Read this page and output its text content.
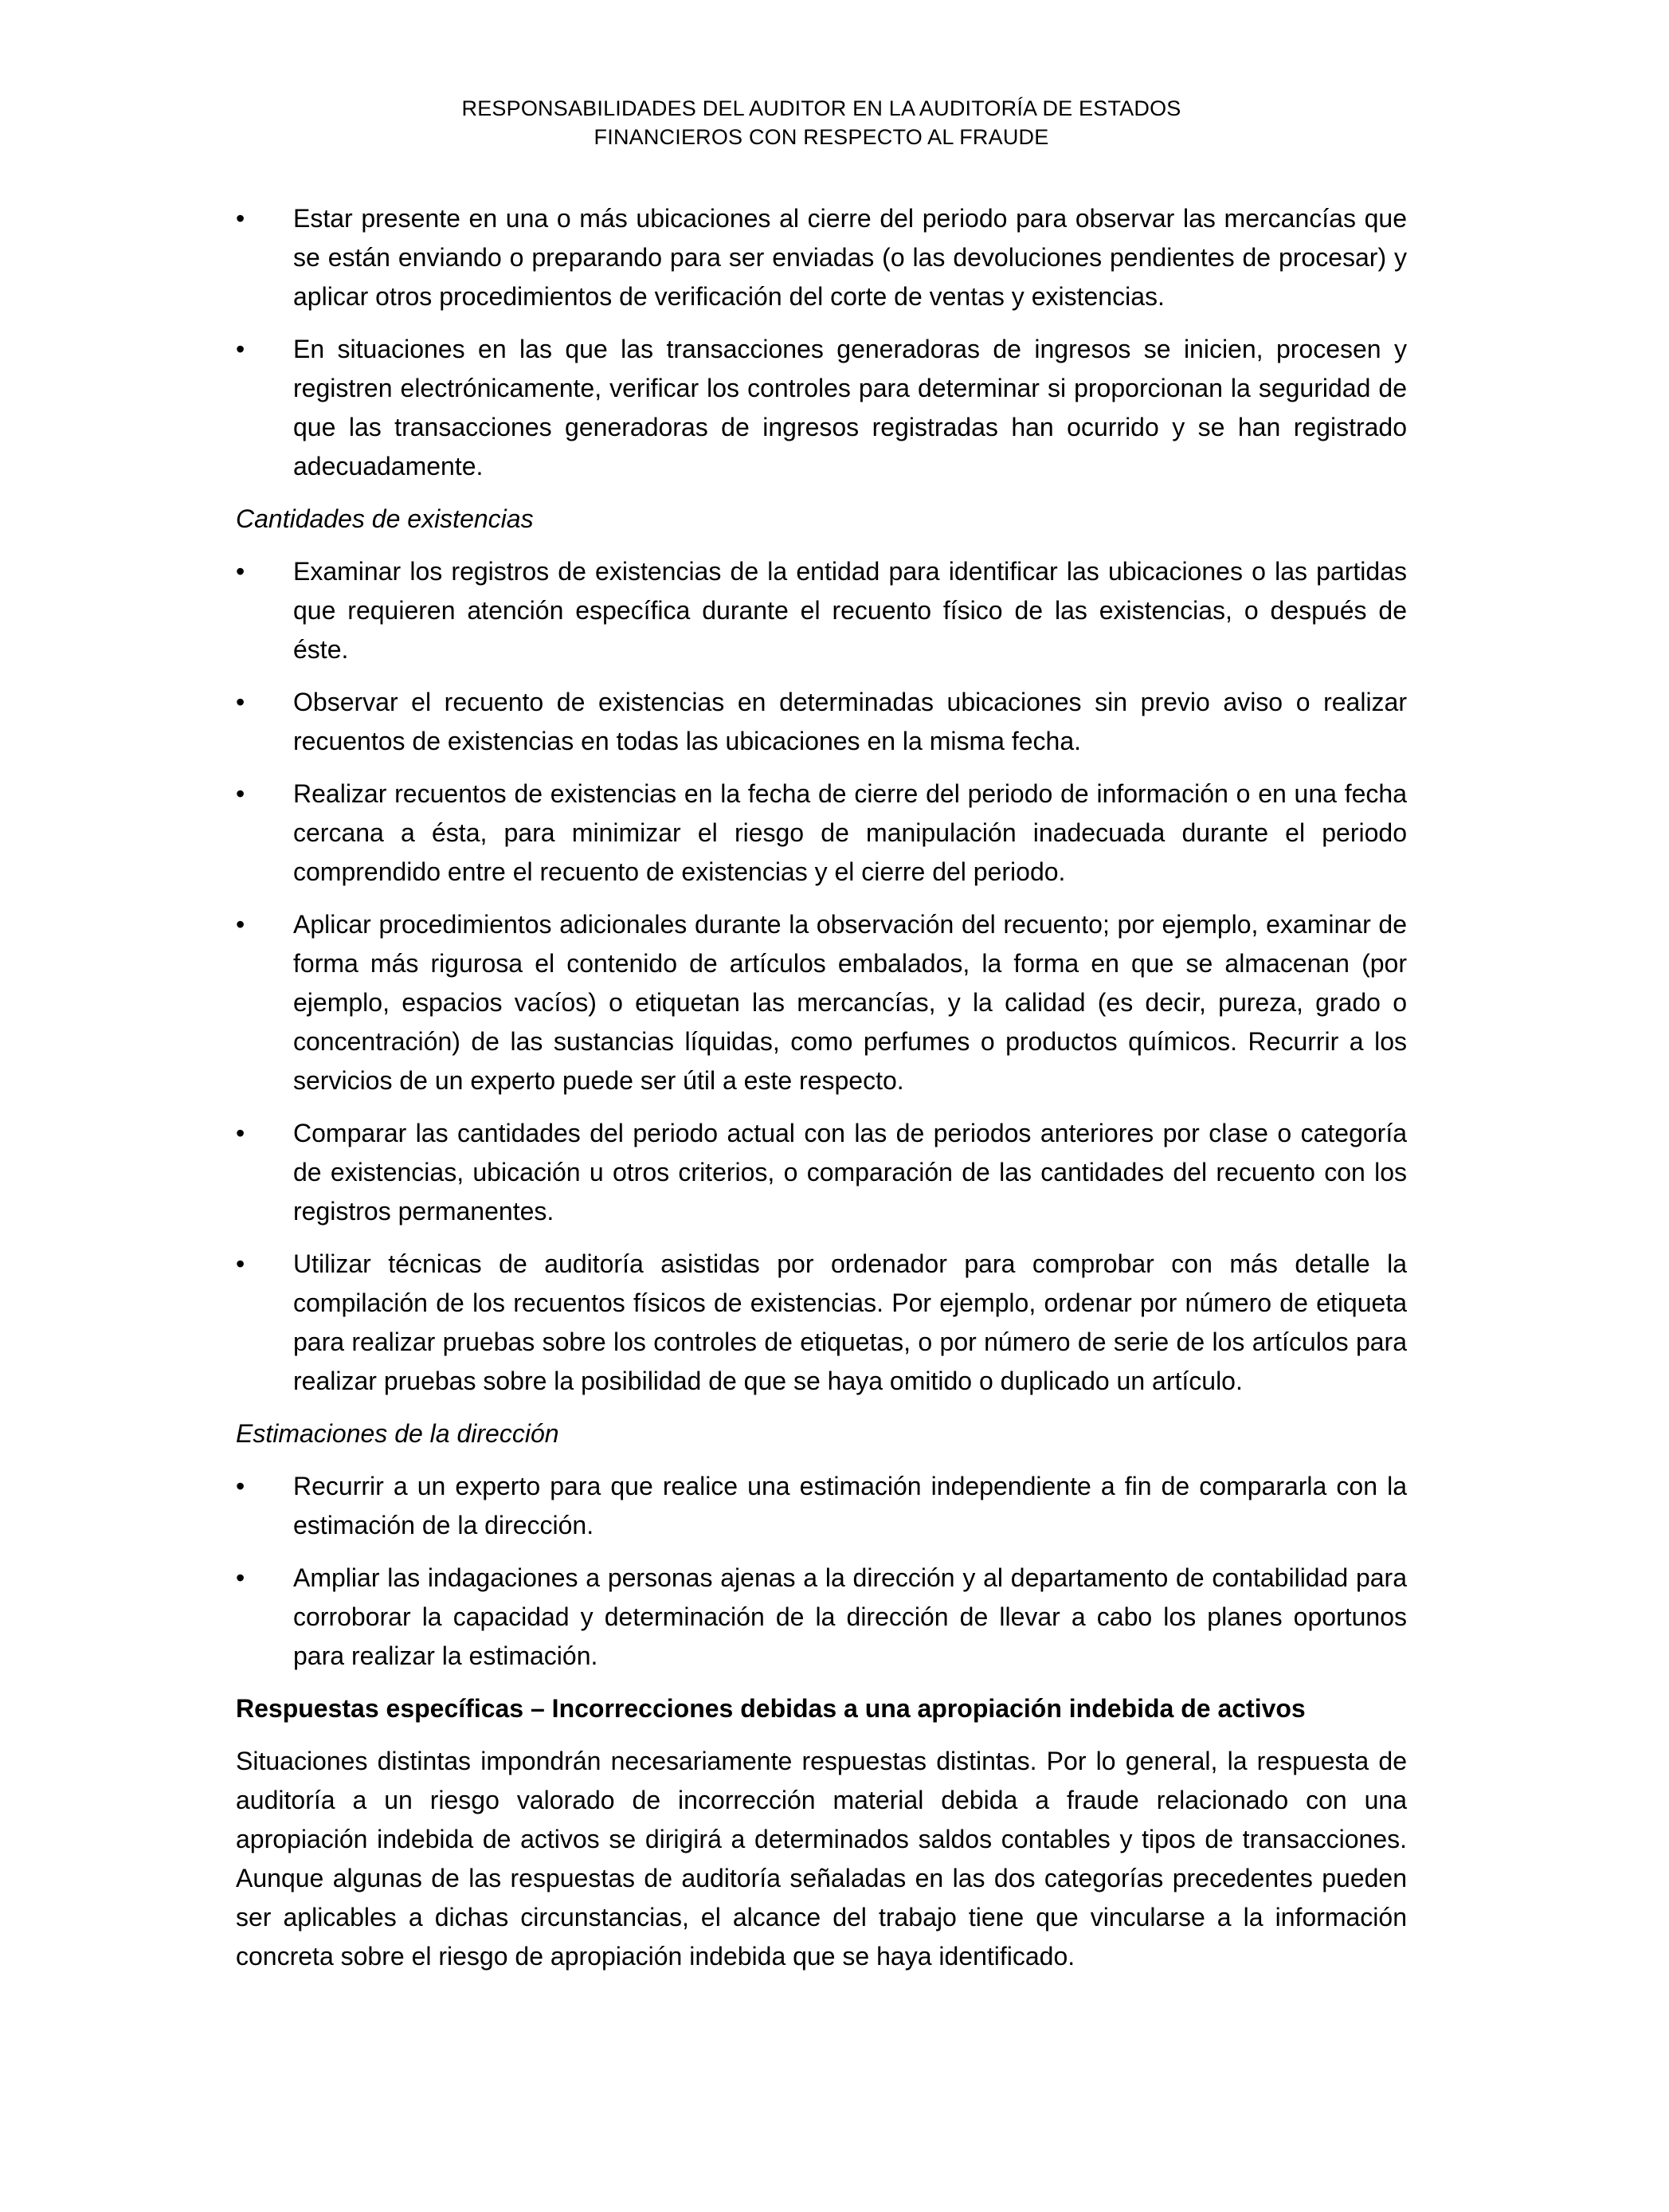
RESPONSABILIDADES DEL AUDITOR EN LA AUDITORÍA DE ESTADOS
FINANCIEROS CON RESPECTO AL FRAUDE
• Estar presente en una o más ubicaciones al cierre del periodo para observar las mercancías que se están enviando o preparando para ser enviadas (o las devoluciones pendientes de procesar) y aplicar otros procedimientos de verificación del corte de ventas y existencias.
• En situaciones en las que las transacciones generadoras de ingresos se inicien, procesen y registren electrónicamente, verificar los controles para determinar si proporcionan la seguridad de que las transacciones generadoras de ingresos registradas han ocurrido y se han registrado adecuadamente.
Cantidades de existencias
• Examinar los registros de existencias de la entidad para identificar las ubicaciones o las partidas que requieren atención específica durante el recuento físico de las existencias, o después de éste.
• Observar el recuento de existencias en determinadas ubicaciones sin previo aviso o realizar recuentos de existencias en todas las ubicaciones en la misma fecha.
• Realizar recuentos de existencias en la fecha de cierre del periodo de información o en una fecha cercana a ésta, para minimizar el riesgo de manipulación inadecuada durante el periodo comprendido entre el recuento de existencias y el cierre del periodo.
• Aplicar procedimientos adicionales durante la observación del recuento; por ejemplo, examinar de forma más rigurosa el contenido de artículos embalados, la forma en que se almacenan (por ejemplo, espacios vacíos) o etiquetan las mercancías, y la calidad (es decir, pureza, grado o concentración) de las sustancias líquidas, como perfumes o productos químicos. Recurrir a los servicios de un experto puede ser útil a este respecto.
• Comparar las cantidades del periodo actual con las de periodos anteriores por clase o categoría de existencias, ubicación u otros criterios, o comparación de las cantidades del recuento con los registros permanentes.
• Utilizar técnicas de auditoría asistidas por ordenador para comprobar con más detalle la compilación de los recuentos físicos de existencias. Por ejemplo, ordenar por número de etiqueta para realizar pruebas sobre los controles de etiquetas, o por número de serie de los artículos para realizar pruebas sobre la posibilidad de que se haya omitido o duplicado un artículo.
Estimaciones de la dirección
• Recurrir a un experto para que realice una estimación independiente a fin de compararla con la estimación de la dirección.
• Ampliar las indagaciones a personas ajenas a la dirección y al departamento de contabilidad para corroborar la capacidad y determinación de la dirección de llevar a cabo los planes oportunos para realizar la estimación.
Respuestas específicas – Incorrecciones debidas a una apropiación indebida de activos

Situaciones distintas impondrán necesariamente respuestas distintas. Por lo general, la respuesta de auditoría a un riesgo valorado de incorrección material debida a fraude relacionado con una apropiación indebida de activos se dirigirá a determinados saldos contables y tipos de transacciones. Aunque algunas de las respuestas de auditoría señaladas en las dos categorías precedentes pueden ser aplicables a dichas circunstancias, el alcance del trabajo tiene que vincularse a la información concreta sobre el riesgo de apropiación indebida que se haya identificado.
